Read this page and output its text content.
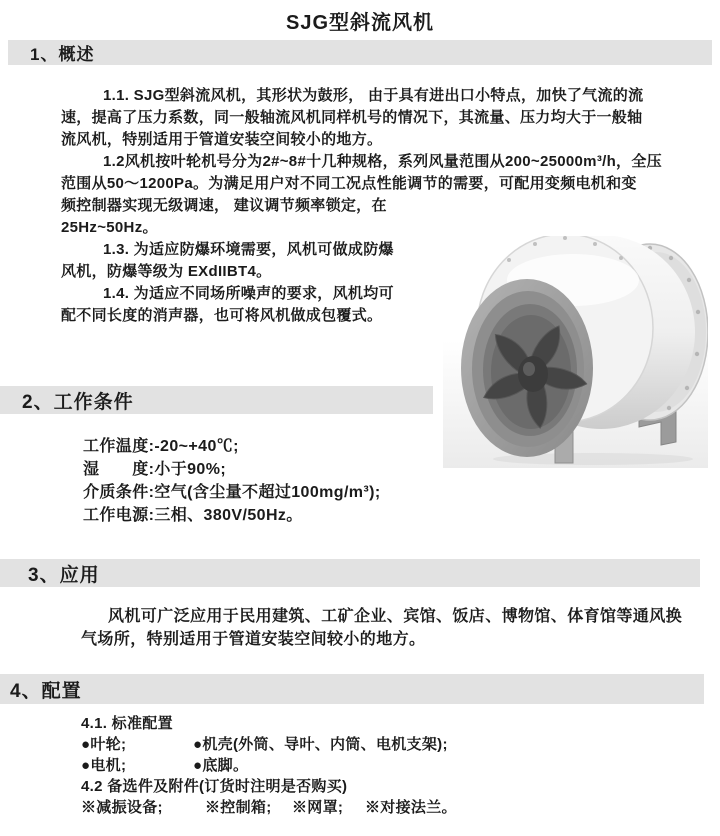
SJG型斜流风机
1、概述
1.1. SJG型斜流风机，其形状为鼓形， 由于具有进出口小特点，加快了气流的流
速，提高了压力系数，同一般轴流风机同样机号的情况下，其流量、压力均大于一般轴
流风机，特别适用于管道安装空间较小的地方。
1.2风机按叶轮机号分为2#~8#十几种规格，系列风量范围从200~25000m³/h，全压
范围从50～1200Pa。为满足用户对不同工况点性能调节的需要，可配用变频电机和变
频控制器实现无级调速， 建议调节频率锁定，在
25Hz~50Hz。
1.3. 为适应防爆环境需要，风机可做成防爆
风机，防爆等级为 EXdIIBT4。
1.4. 为适应不同场所噪声的要求，风机均可
配不同长度的消声器，也可将风机做成包覆式。
2、工作条件
工作温度:-20~+40℃;
湿　　度:小于90%;
介质条件:空气(含尘量不超过100mg/m³);
工作电源:三相、380V/50Hz。
3、应用
风机可广泛应用于民用建筑、工矿企业、宾馆、饭店、博物馆、体育馆等通风换
气场所，特别适用于管道安装空间较小的地方。
4、配置
4.1. 标准配置
●叶轮;	●机壳(外筒、导叶、内筒、电机支架);
●电机;	●底脚。
4.2 备选件及附件(订货时注明是否购买)
※减振设备;	※控制箱; ※网罩; ※对接法兰。
